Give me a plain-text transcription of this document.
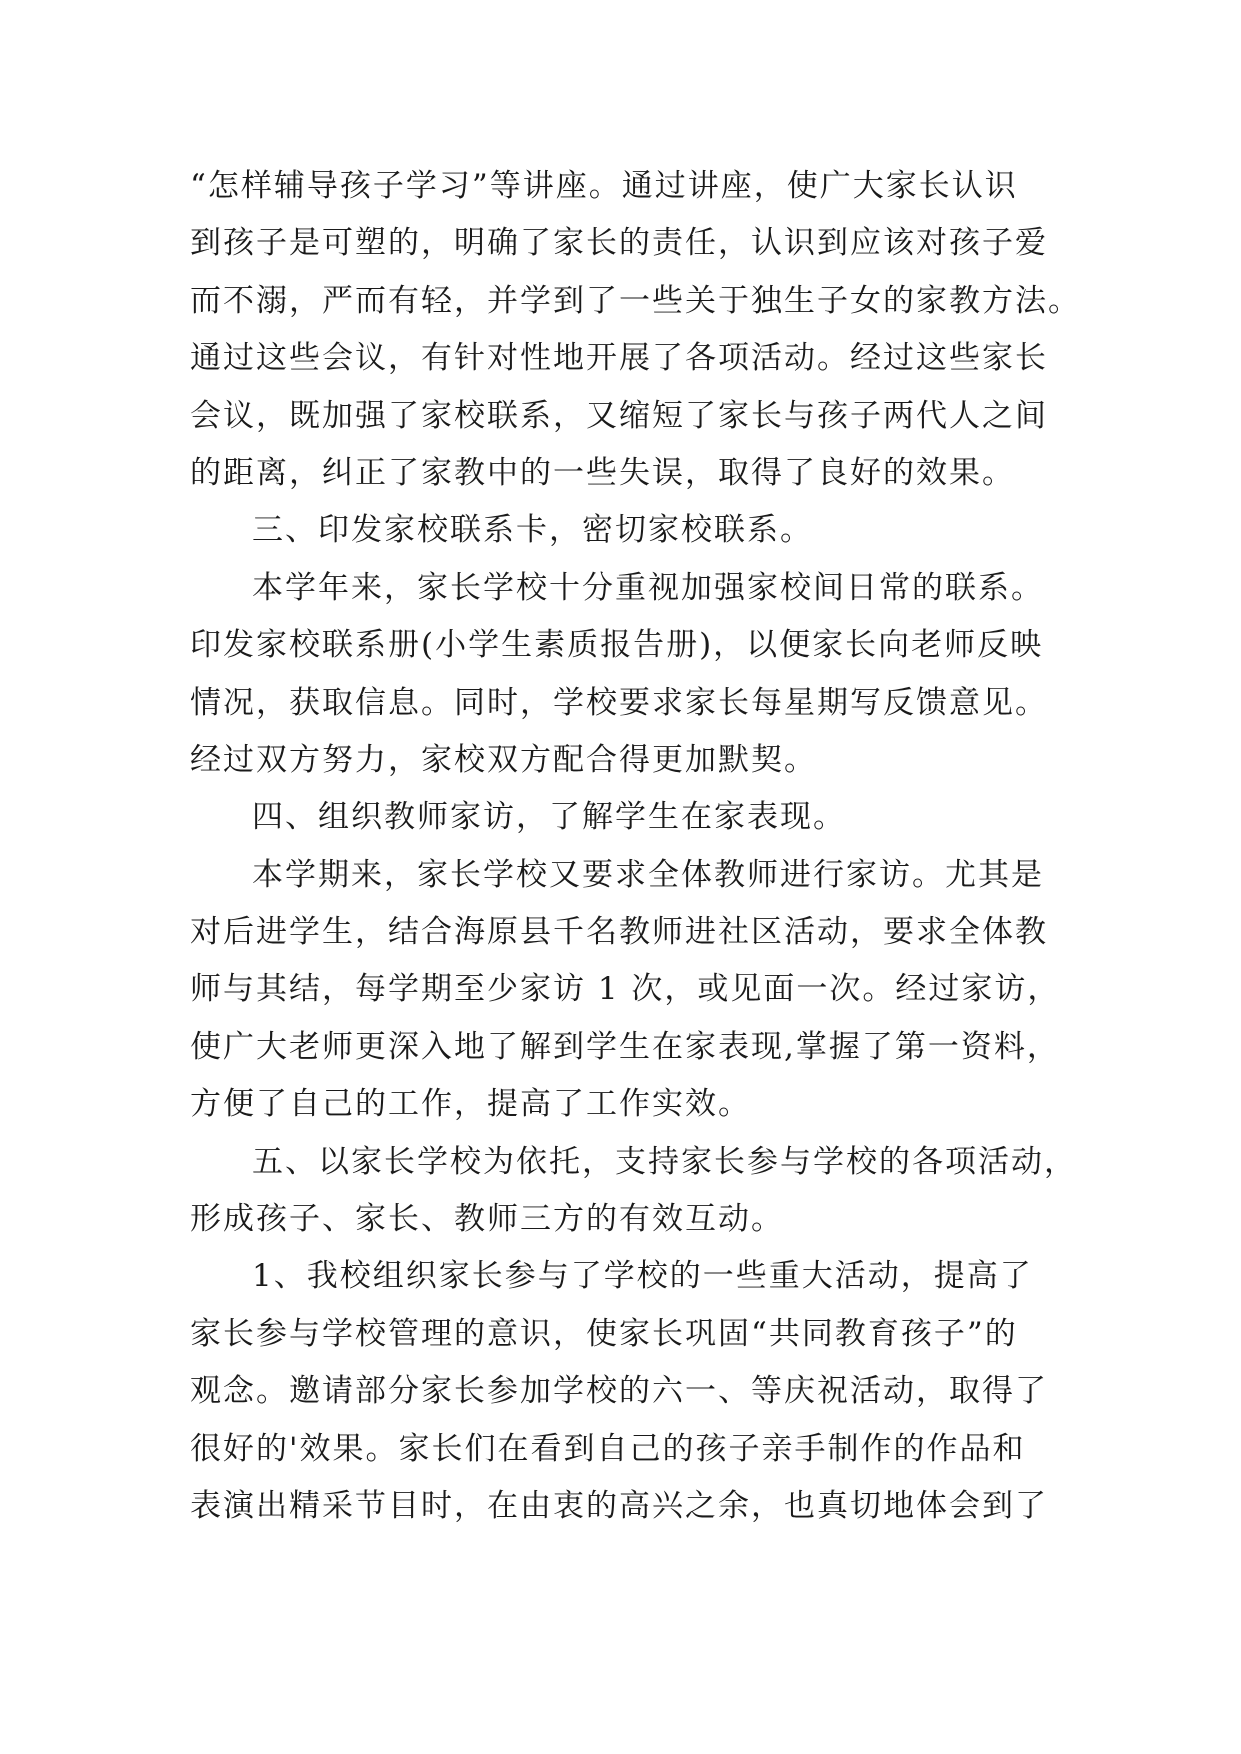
“怎样辅导孩子学习”等讲座。通过讲座，使广大家长认识
到孩子是可塑的，明确了家长的责任，认识到应该对孩子爱
而不溺，严而有轻，并学到了一些关于独生子女的家教方法。
通过这些会议，有针对性地开展了各项活动。经过这些家长
会议，既加强了家校联系，又缩短了家长与孩子两代人之间
的距离，纠正了家教中的一些失误，取得了良好的效果。
三、印发家校联系卡，密切家校联系。
本学年来，家长学校十分重视加强家校间日常的联系。
印发家校联系册(小学生素质报告册)，以便家长向老师反映
情况，获取信息。同时，学校要求家长每星期写反馈意见。
经过双方努力，家校双方配合得更加默契。
四、组织教师家访，了解学生在家表现。
本学期来，家长学校又要求全体教师进行家访。尤其是
对后进学生，结合海原县千名教师进社区活动，要求全体教
师与其结，每学期至少家访 1 次，或见面一次。经过家访，
使广大老师更深入地了解到学生在家表现,掌握了第一资料，
方便了自己的工作，提高了工作实效。
五、以家长学校为依托，支持家长参与学校的各项活动，
形成孩子、家长、教师三方的有效互动。
1、我校组织家长参与了学校的一些重大活动，提高了
家长参与学校管理的意识，使家长巩固“共同教育孩子”的
观念。邀请部分家长参加学校的六一、等庆祝活动，取得了
很好的'效果。家长们在看到自己的孩子亲手制作的作品和
表演出精采节目时，在由衷的高兴之余，也真切地体会到了
